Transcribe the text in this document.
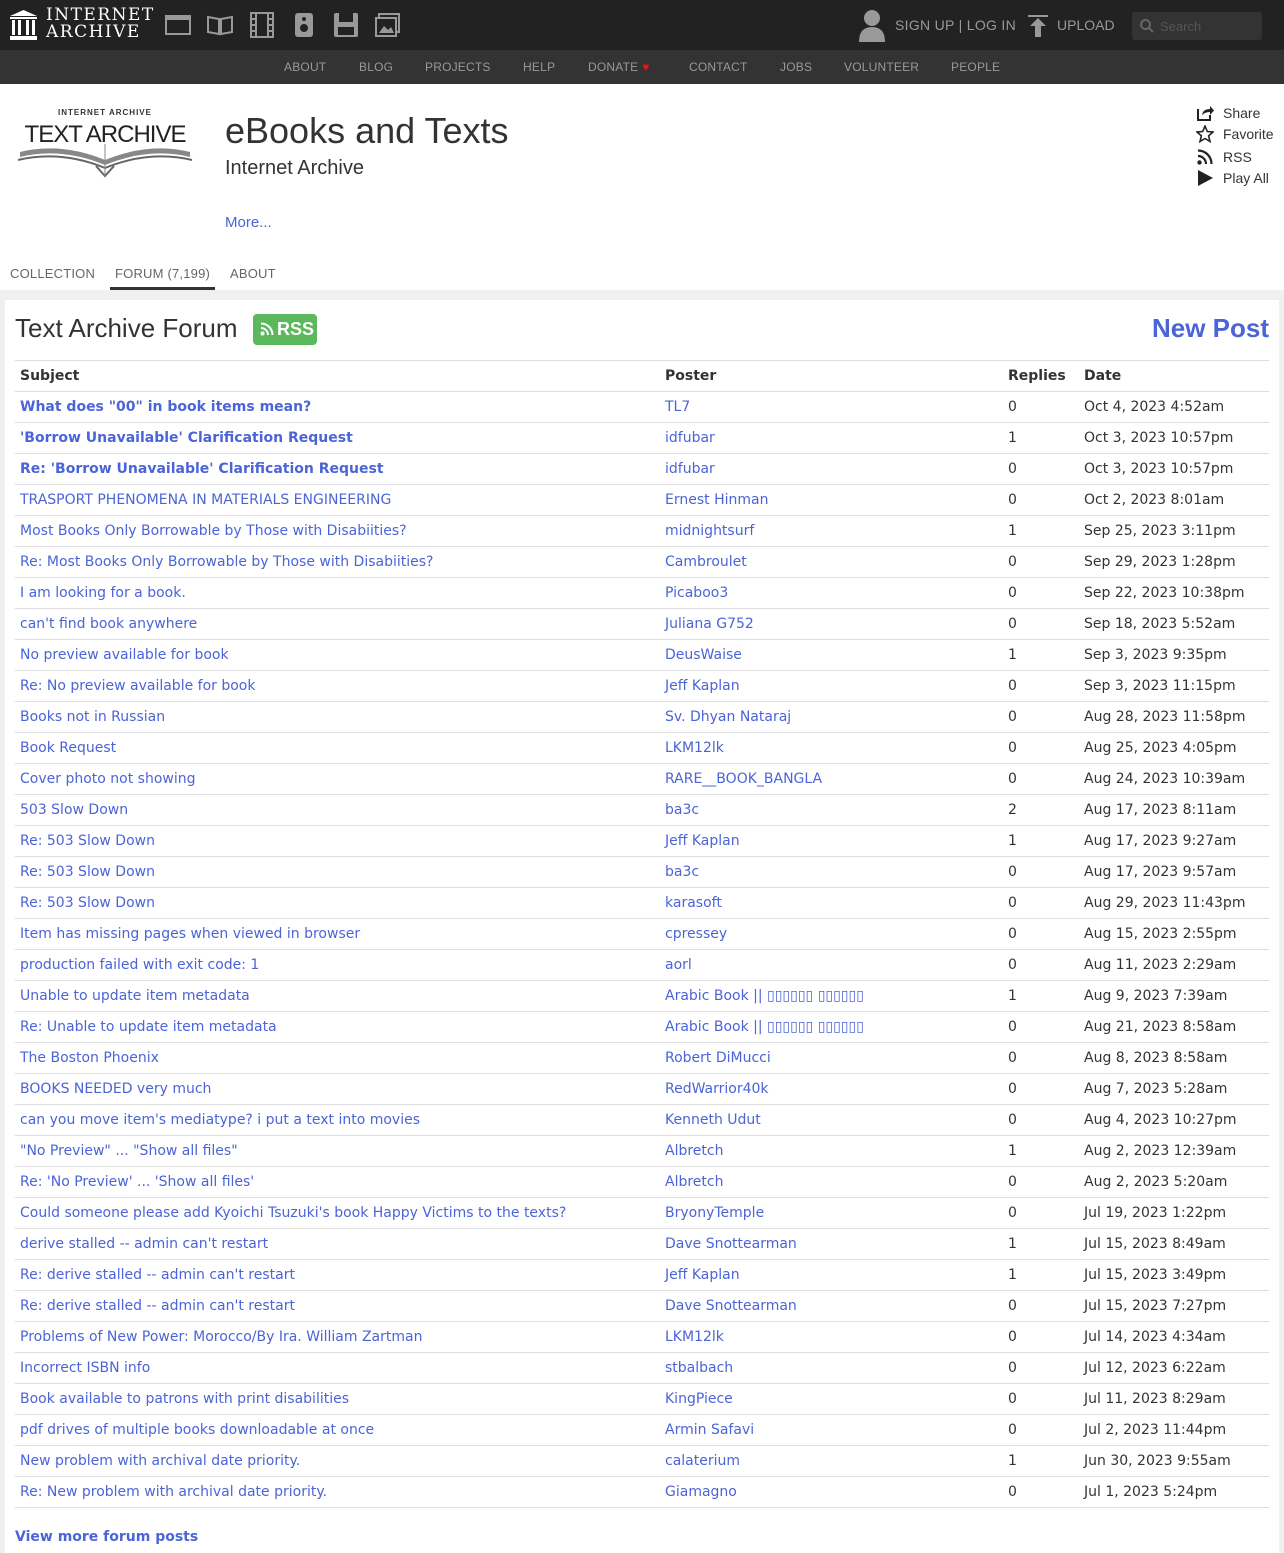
INTERNET
ARCHIVE	SIGN UP | LOG IN	UPLOAD
Search
ABOUT	BLOG	PROJECTS	HELP	DONATE ♥	CONTACT	JOBS	VOLUNTEER	PEOPLE
INTERNET ARCHIVE
TEXT ARCHIVE eBooks and Texts
Internet Archive
More...
Share
Favorite
RSS
Play All
COLLECTION	FORUM (7,199)	ABOUT
Text Archive Forum RSS	New Post
Subject	Poster	Replies	Date
What does "00" in book items mean?	TL7	0	Oct 4, 2023 4:52am
'Borrow Unavailable' Clarification Request	idfubar	1	Oct 3, 2023 10:57pm
Re: 'Borrow Unavailable' Clarification Request	idfubar	0	Oct 3, 2023 10:57pm
TRASPORT PHENOMENA IN MATERIALS ENGINEERING	Ernest Hinman	0	Oct 2, 2023 8:01am
Most Books Only Borrowable by Those with Disabiities?	midnightsurf	1	Sep 25, 2023 3:11pm
Re: Most Books Only Borrowable by Those with Disabiities?	Cambroulet	0	Sep 29, 2023 1:28pm
I am looking for a book.	Picaboo3	0	Sep 22, 2023 10:38pm
can't find book anywhere	Juliana G752	0	Sep 18, 2023 5:52am
No preview available for book	DeusWaise	1	Sep 3, 2023 9:35pm
Re: No preview available for book	Jeff Kaplan	0	Sep 3, 2023 11:15pm
Books not in Russian	Sv. Dhyan Nataraj	0	Aug 28, 2023 11:58pm
Book Request	LKM12lk	0	Aug 25, 2023 4:05pm
Cover photo not showing	RARE__BOOK_BANGLA	0	Aug 24, 2023 10:39am
503 Slow Down	ba3c	2	Aug 17, 2023 8:11am
Re: 503 Slow Down	Jeff Kaplan	1	Aug 17, 2023 9:27am
Re: 503 Slow Down	ba3c	0	Aug 17, 2023 9:57am
Re: 503 Slow Down	karasoft	0	Aug 29, 2023 11:43pm
Item has missing pages when viewed in browser	cpressey	0	Aug 15, 2023 2:55pm
production failed with exit code: 1	aorl	0	Aug 11, 2023 2:29am
Unable to update item metadata	Arabic Book || ▯▯▯▯▯▯ ▯▯▯▯▯▯	1	Aug 9, 2023 7:39am
Re: Unable to update item metadata	Arabic Book || ▯▯▯▯▯▯ ▯▯▯▯▯▯	0	Aug 21, 2023 8:58am
The Boston Phoenix	Robert DiMucci	0	Aug 8, 2023 8:58am
BOOKS NEEDED very much	RedWarrior40k	0	Aug 7, 2023 5:28am
can you move item's mediatype? i put a text into movies	Kenneth Udut	0	Aug 4, 2023 10:27pm
"No Preview" ... "Show all files"	Albretch	1	Aug 2, 2023 12:39am
Re: 'No Preview' ... 'Show all files'	Albretch	0	Aug 2, 2023 5:20am
Could someone please add Kyoichi Tsuzuki's book Happy Victims to the texts?	BryonyTemple	0	Jul 19, 2023 1:22pm
derive stalled -- admin can't restart	Dave Snottearman	1	Jul 15, 2023 8:49am
Re: derive stalled -- admin can't restart	Jeff Kaplan	1	Jul 15, 2023 3:49pm
Re: derive stalled -- admin can't restart	Dave Snottearman	0	Jul 15, 2023 7:27pm
Problems of New Power: Morocco/By Ira. William Zartman	LKM12lk	0	Jul 14, 2023 4:34am
Incorrect ISBN info	stbalbach	0	Jul 12, 2023 6:22am
Book available to patrons with print disabilities	KingPiece	0	Jul 11, 2023 8:29am
pdf drives of multiple books downloadable at once	Armin Safavi	0	Jul 2, 2023 11:44pm
New problem with archival date priority.	calaterium	1	Jun 30, 2023 9:55am
Re: New problem with archival date priority.	Giamagno	0	Jul 1, 2023 5:24pm
View more forum posts
